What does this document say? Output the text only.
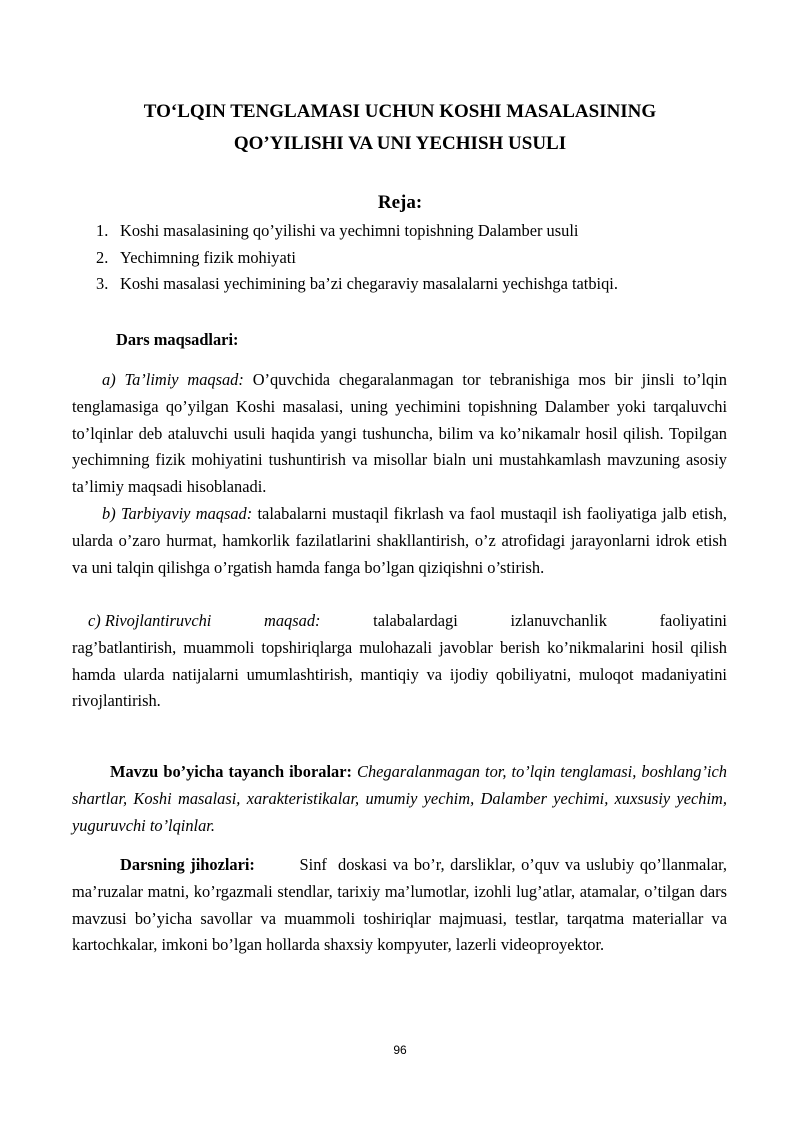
TO‘LQIN TENGLAMASI UCHUN KOSHI MASALASINING
QO’YILISHI VA UNI YECHISH USULI
Reja:
1. Koshi masalasining qo’yilishi va yechimni topishning Dalamber usuli
2. Yechimning fizik mohiyati
3. Koshi masalasi yechimining ba’zi chegaraviy masalalarni yechishga tatbiqi.
Dars maqsadlari:

a) Ta’limiy maqsad: O’quvchida chegaralanmagan tor tebranishiga mos bir jinsli to’lqin tenglamasiga qo’yilgan Koshi masalasi, uning yechimini topishning Dalamber yoki tarqaluvchi to’lqinlar deb ataluvchi usuli haqida yangi tushuncha, bilim va ko’nikamalr hosil qilish. Topilgan yechimning fizik mohiyatini tushuntirish va misollar bialn uni mustahkamlash mavzuning asosiy ta’limiy maqsadi hisoblanadi.

b) Tarbiyaviy maqsad: talabalarni mustaqil fikrlash va faol mustaqil ish faoliyatiga jalb etish, ularda o’zaro hurmat, hamkorlik fazilatlarini shakllantirish, o’z atrofidagi jarayonlarni idrok etish va uni talqin qilishga o’rgatish hamda fanga bo’lgan qiziqishni o’stirish.

c) Rivojlantiruvchi	maqsad:	talabalardagi	izlanuvchanlik	faoliyatini
rag’batlantirish, muammoli topshiriqlarga mulohazali javoblar berish ko’nikmalarini hosil qilish hamda ularda natijalarni umumlashtirish, mantiqiy va ijodiy qobiliyatni, muloqot madaniyatini rivojlantirish.

Mavzu bo’yicha tayanch iboralar: Chegaralanmagan tor, to’lqin tenglamasi, boshlang’ich shartlar, Koshi masalasi, xarakteristikalar, umumiy yechim, Dalamber yechimi, xuxsusiy yechim, yuguruvchi to’lqinlar.

Darsning jihozlari:        Sinf  doskasi va bo’r, darsliklar, o’quv va uslubiy qo’llanmalar, ma’ruzalar matni, ko’rgazmali stendlar, tarixiy ma’lumotlar, izohli lug’atlar, atamalar, o’tilgan dars mavzusi bo’yicha savollar va muammoli toshiriqlar majmuasi, testlar, tarqatma materiallar va kartochkalar, imkoni bo’lgan hollarda shaxsiy kompyuter, lazerli videoproyektor.

96
